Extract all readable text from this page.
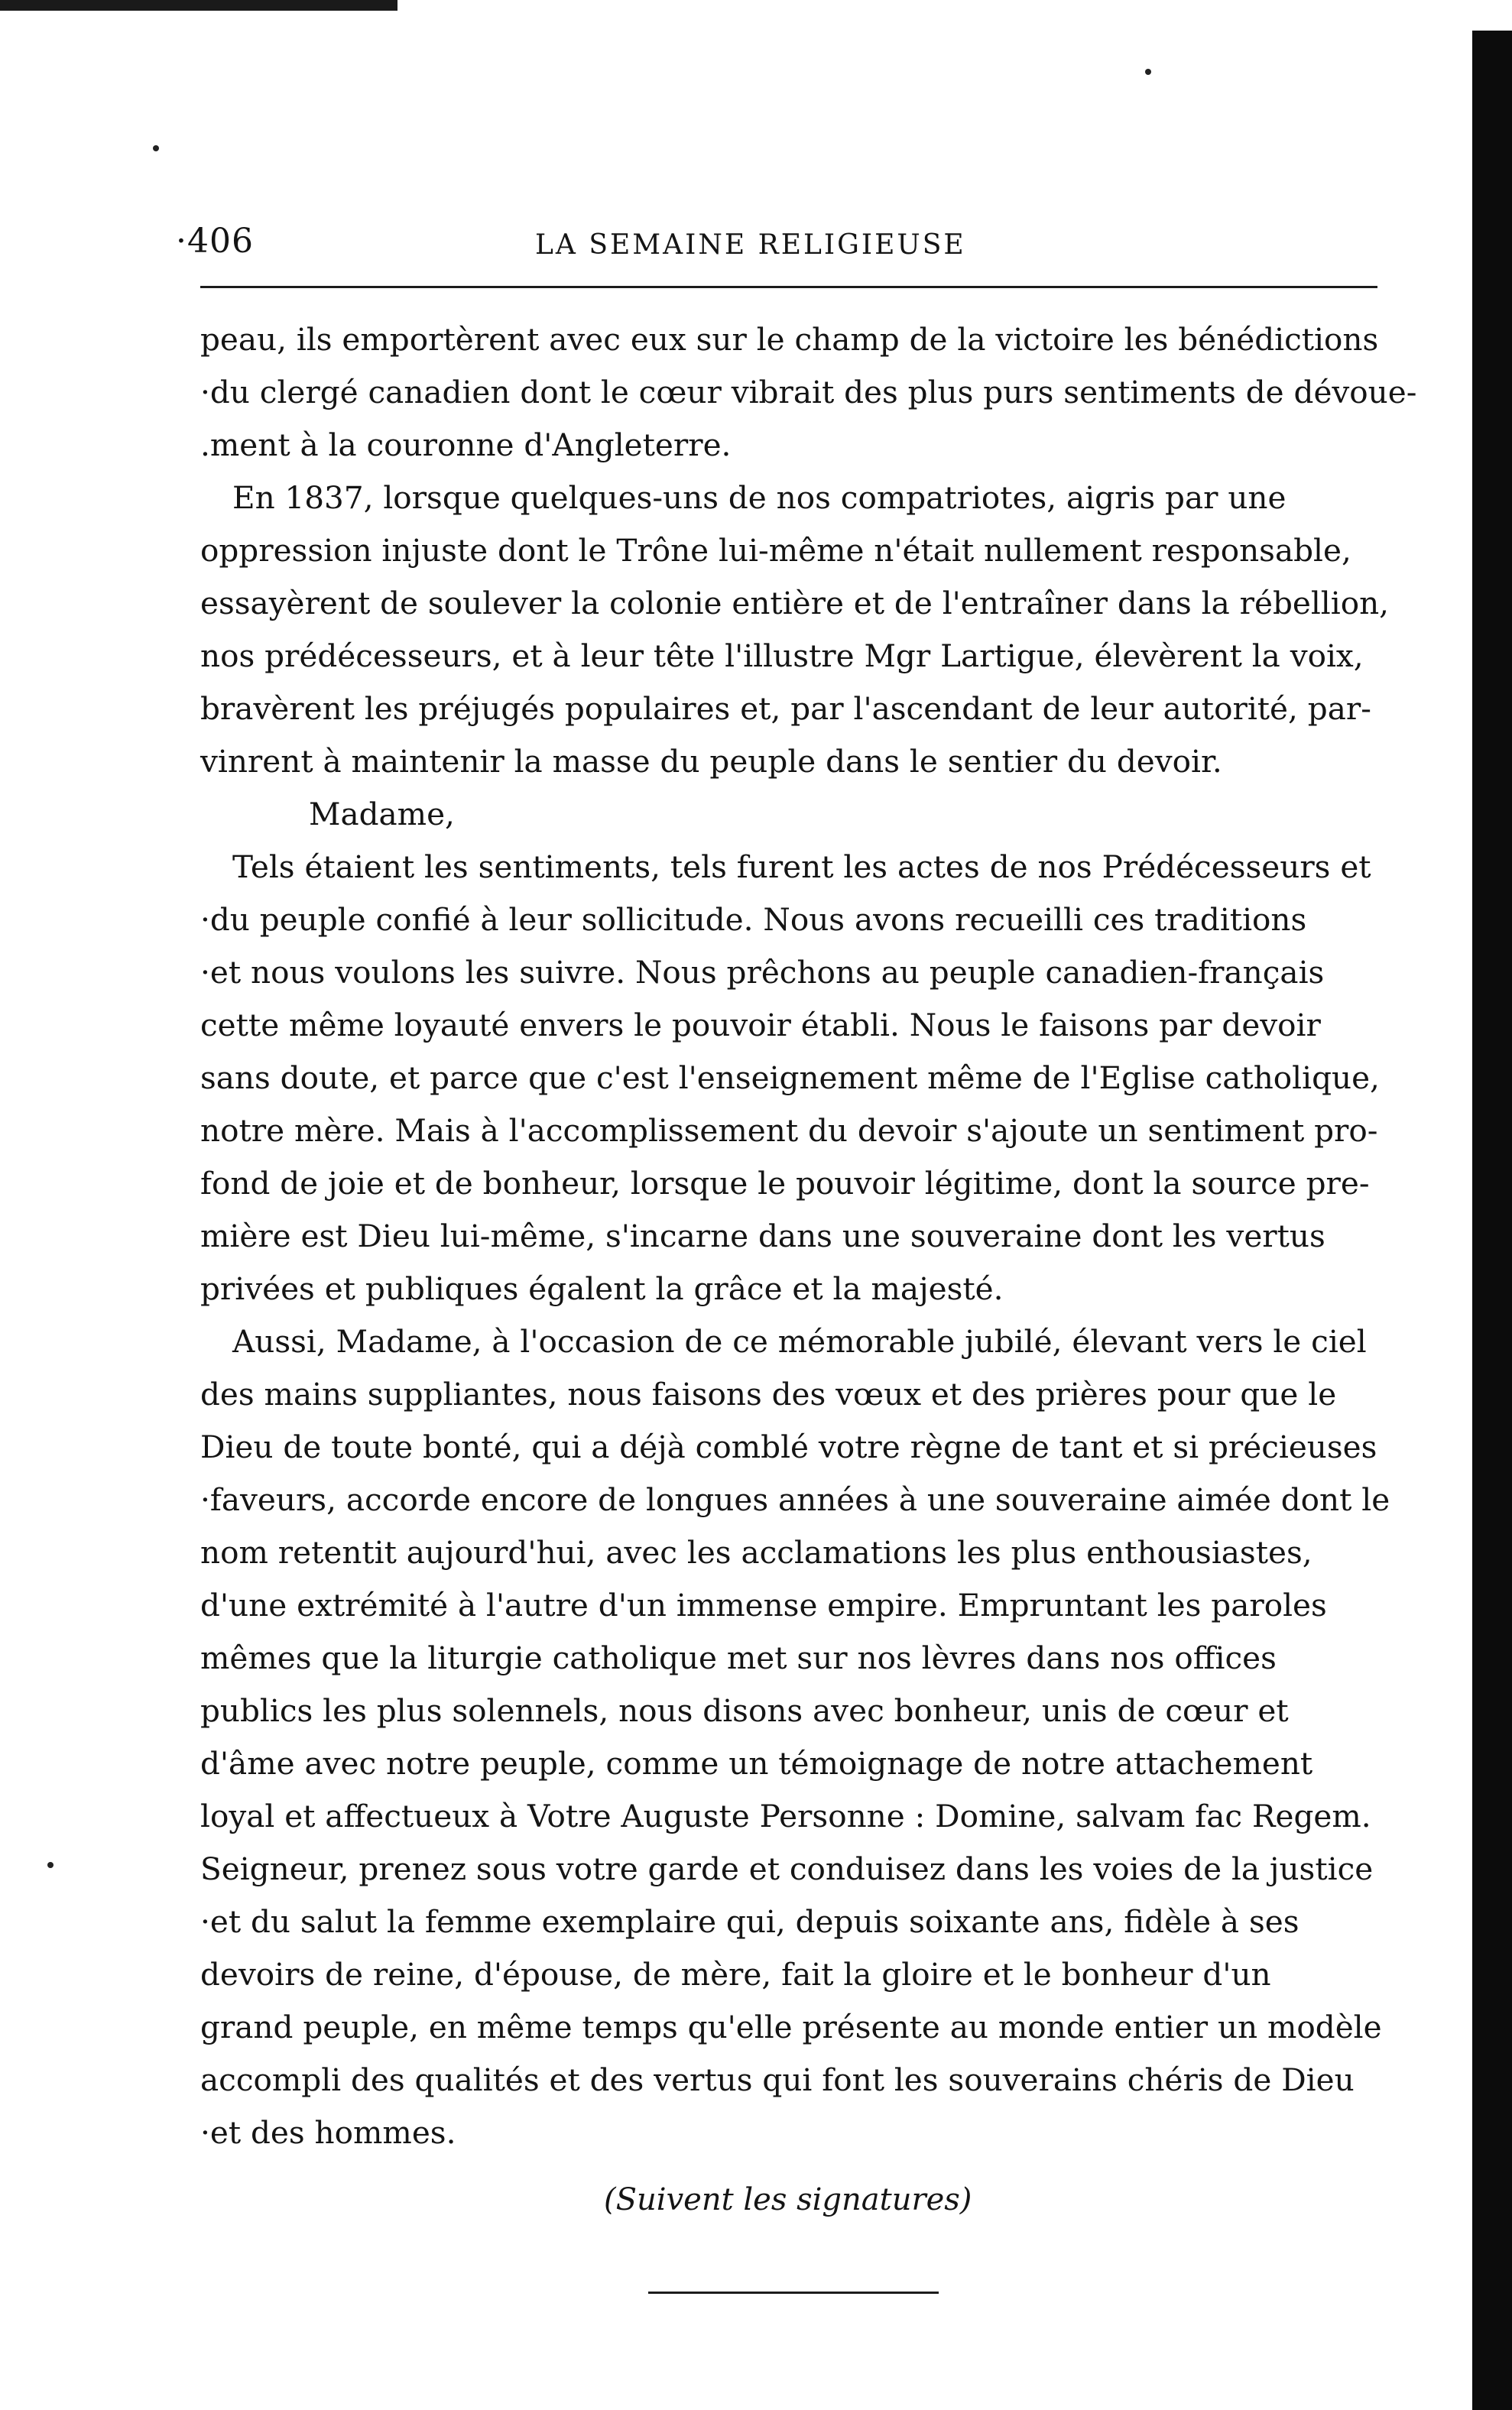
·406	LA SEMAINE RELIGIEUSE
peau, ils emportèrent avec eux sur le champ de la victoire les bénédictions
·du clergé canadien dont le cœur vibrait des plus purs sentiments de dévoue-
.ment à la couronne d'Angleterre.
En 1837, lorsque quelques-uns de nos compatriotes, aigris par une
oppression injuste dont le Trône lui-même n'était nullement responsable,
essayèrent de soulever la colonie entière et de l'entraîner dans la rébellion,
nos prédécesseurs, et à leur tête l'illustre Mgr Lartigue, élevèrent la voix,
bravèrent les préjugés populaires et, par l'ascendant de leur autorité, par-
vinrent à maintenir la masse du peuple dans le sentier du devoir.
Madame,
Tels étaient les sentiments, tels furent les actes de nos Prédécesseurs et
·du peuple confié à leur sollicitude. Nous avons recueilli ces traditions
·et nous voulons les suivre. Nous prêchons au peuple canadien-français
cette même loyauté envers le pouvoir établi. Nous le faisons par devoir
sans doute, et parce que c'est l'enseignement même de l'Eglise catholique,
notre mère. Mais à l'accomplissement du devoir s'ajoute un sentiment pro-
fond de joie et de bonheur, lorsque le pouvoir légitime, dont la source pre-
mière est Dieu lui-même, s'incarne dans une souveraine dont les vertus
privées et publiques égalent la grâce et la majesté.
Aussi, Madame, à l'occasion de ce mémorable jubilé, élevant vers le ciel
des mains suppliantes, nous faisons des vœux et des prières pour que le
Dieu de toute bonté, qui a déjà comblé votre règne de tant et si précieuses
·faveurs, accorde encore de longues années à une souveraine aimée dont le
nom retentit aujourd'hui, avec les acclamations les plus enthousiastes,
d'une extrémité à l'autre d'un immense empire. Empruntant les paroles
mêmes que la liturgie catholique met sur nos lèvres dans nos offices
publics les plus solennels, nous disons avec bonheur, unis de cœur et
d'âme avec notre peuple, comme un témoignage de notre attachement
loyal et affectueux à Votre Auguste Personne : Domine, salvam fac Regem.
Seigneur, prenez sous votre garde et conduisez dans les voies de la justice
·et du salut la femme exemplaire qui, depuis soixante ans, fidèle à ses
devoirs de reine, d'épouse, de mère, fait la gloire et le bonheur d'un
grand peuple, en même temps qu'elle présente au monde entier un modèle
accompli des qualités et des vertus qui font les souverains chéris de Dieu
·et des hommes.
(Suivent les signatures)
